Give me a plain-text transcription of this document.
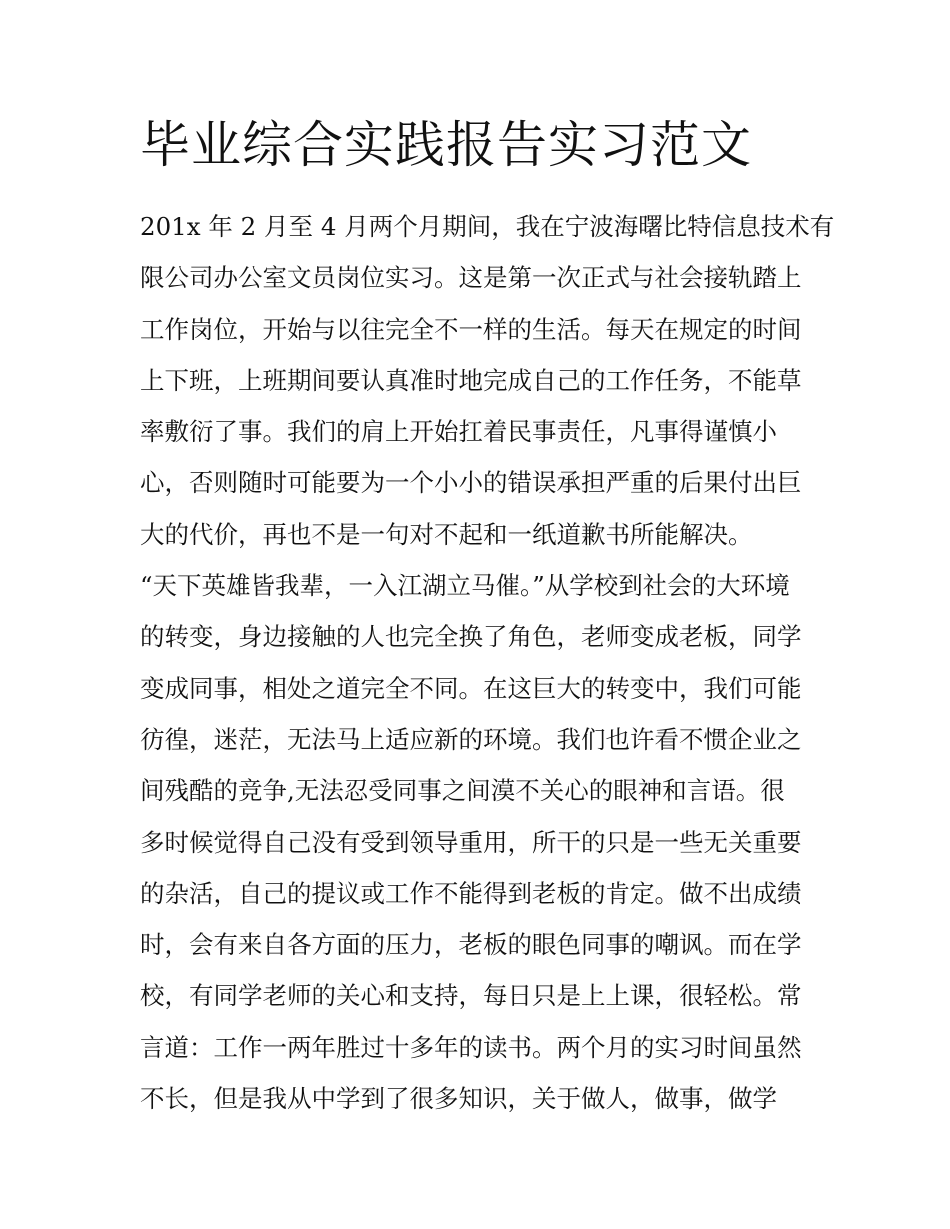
毕业综合实践报告实习范文
201x 年 2 月至 4 月两个月期间，我在宁波海曙比特信息技术有
限公司办公室文员岗位实习。这是第一次正式与社会接轨踏上
工作岗位，开始与以往完全不一样的生活。每天在规定的时间
上下班，上班期间要认真准时地完成自己的工作任务，不能草
率敷衍了事。我们的肩上开始扛着民事责任，凡事得谨慎小
心，否则随时可能要为一个小小的错误承担严重的后果付出巨
大的代价，再也不是一句对不起和一纸道歉书所能解决。
“天下英雄皆我辈，一入江湖立马催。”从学校到社会的大环境
的转变，身边接触的人也完全换了角色，老师变成老板，同学
变成同事，相处之道完全不同。在这巨大的转变中，我们可能
彷徨，迷茫，无法马上适应新的环境。我们也许看不惯企业之
间残酷的竞争,无法忍受同事之间漠不关心的眼神和言语。很
多时候觉得自己没有受到领导重用，所干的只是一些无关重要
的杂活，自己的提议或工作不能得到老板的肯定。做不出成绩
时，会有来自各方面的压力，老板的眼色同事的嘲讽。而在学
校，有同学老师的关心和支持，每日只是上上课，很轻松。常
言道：工作一两年胜过十多年的读书。两个月的实习时间虽然
不长，但是我从中学到了很多知识，关于做人，做事，做学
